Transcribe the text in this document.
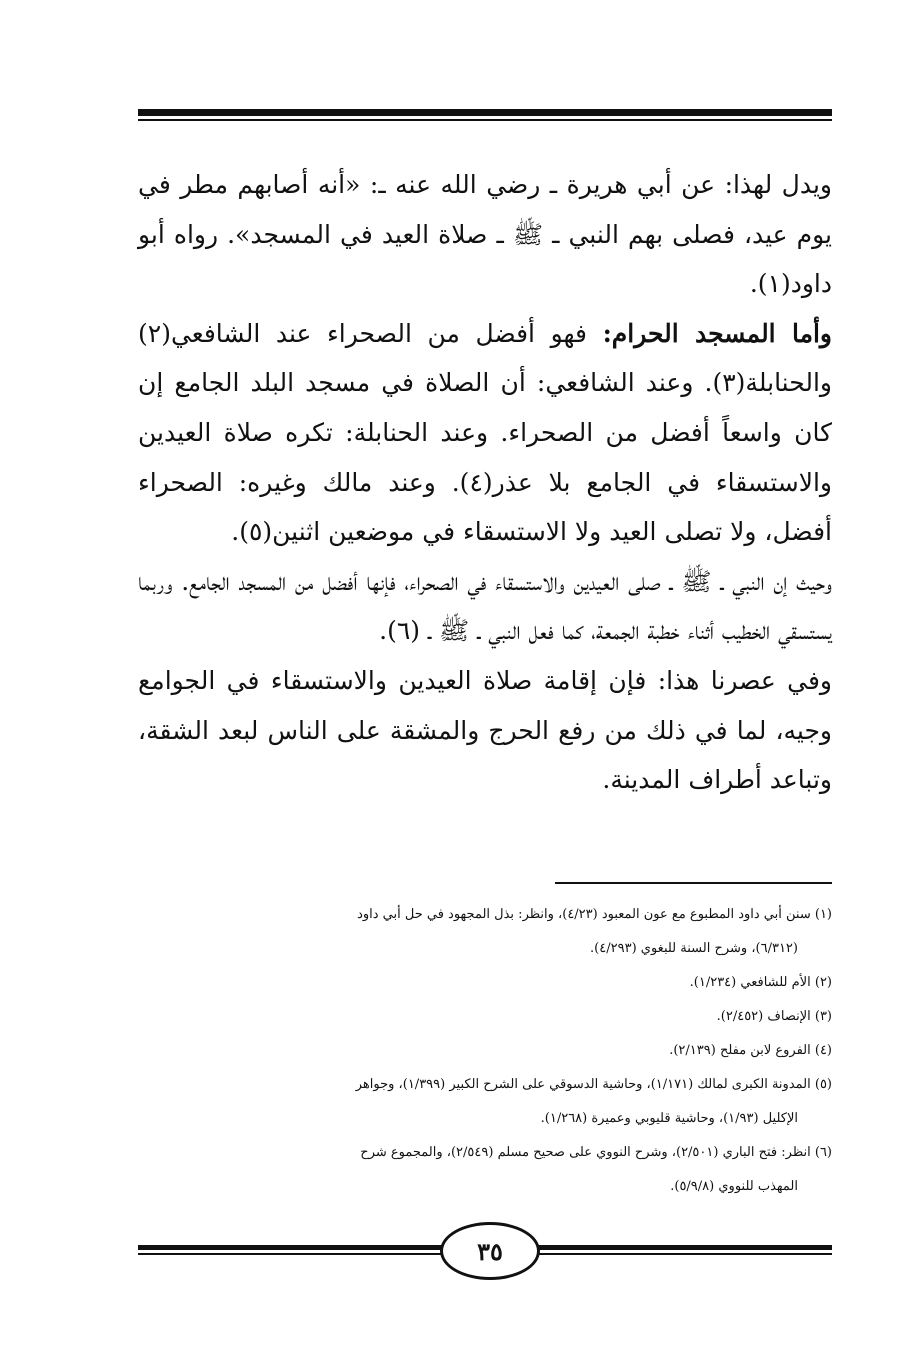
ويدل لهذا: عن أبي هريرة ـ رضي الله عنه ـ: «أنه أصابهم مطر في يوم عيد، فصلى بهم النبي ـ ﷺ ـ صلاة العيد في المسجد». رواه أبو داود(١).

وأما المسجد الحرام: فهو أفضل من الصحراء عند الشافعي(٢) والحنابلة(٣). وعند الشافعي: أن الصلاة في مسجد البلد الجامع إن كان واسعاً أفضل من الصحراء. وعند الحنابلة: تكره صلاة العيدين والاستسقاء في الجامع بلا عذر(٤). وعند مالك وغيره: الصحراء أفضل، ولا تصلى العيد ولا الاستسقاء في موضعين اثنين(٥).

وحيث إن النبي ـ ﷺ ـ صلى العيدين والاستسقاء في الصحراء، فإنها أفضل من المسجد الجامع. وربما يستسقي الخطيب أثناء خطبة الجمعة، كما فعل النبي ـ ﷺ ـ (٦).

وفي عصرنا هذا: فإن إقامة صلاة العيدين والاستسقاء في الجوامع وجيه، لما في ذلك من رفع الحرج والمشقة على الناس لبعد الشقة، وتباعد أطراف المدينة.

(١) سنن أبي داود المطبوع مع عون المعبود (٤/٢٣)، وانظر: بذل المجهود في حل أبي داود

(٦/٣١٢)، وشرح السنة للبغوي (٤/٢٩٣).

(٢) الأم للشافعي (١/٢٣٤).

(٣) الإنصاف (٢/٤٥٢).

(٤) الفروع لابن مفلح (٢/١٣٩).

(٥) المدونة الكبرى لمالك (١/١٧١)، وحاشية الدسوقي على الشرح الكبير (١/٣٩٩)، وجواهر

الإكليل (١/٩٣)، وحاشية قليوبي وعميرة (١/٢٦٨).

(٦) انظر: فتح الباري (٢/٥٠١)، وشرح النووي على صحيح مسلم (٢/٥٤٩)، والمجموع شرح

المهذب للنووي (٥/٩/٨).

٣٥
